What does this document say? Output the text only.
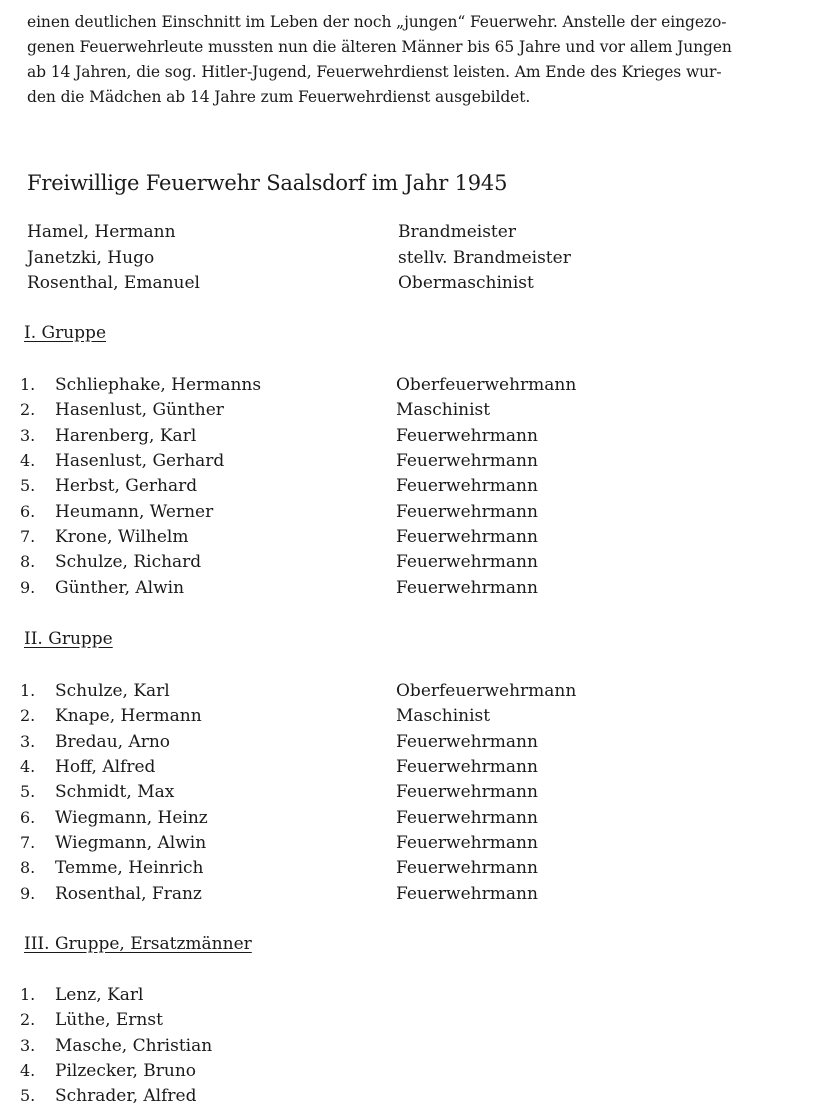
einen deutlichen Einschnitt im Leben der noch „jungen“ Feuerwehr. Anstelle der eingezo-
genen Feuerwehrleute mussten nun die älteren Männer bis 65 Jahre und vor allem Jungen
ab 14 Jahren, die sog. Hitler-Jugend, Feuerwehrdienst leisten. Am Ende des Krieges wur-
den die Mädchen ab 14 Jahre zum Feuerwehrdienst ausgebildet.
Freiwillige Feuerwehr Saalsdorf im Jahr 1945
Hamel, Hermann	Brandmeister
Janetzki, Hugo	stellv. Brandmeister
Rosenthal, Emanuel	Obermaschinist
I. Gruppe
1.	Schliephake, Hermanns	Oberfeuerwehrmann
2.	Hasenlust, Günther	Maschinist
3.	Harenberg, Karl	Feuerwehrmann
4.	Hasenlust, Gerhard	Feuerwehrmann
5.	Herbst, Gerhard	Feuerwehrmann
6.	Heumann, Werner	Feuerwehrmann
7.	Krone, Wilhelm	Feuerwehrmann
8.	Schulze, Richard	Feuerwehrmann
9.	Günther, Alwin	Feuerwehrmann
II. Gruppe
1.	Schulze, Karl	Oberfeuerwehrmann
2.	Knape, Hermann	Maschinist
3.	Bredau, Arno	Feuerwehrmann
4.	Hoff, Alfred	Feuerwehrmann
5.	Schmidt, Max	Feuerwehrmann
6.	Wiegmann, Heinz	Feuerwehrmann
7.	Wiegmann, Alwin	Feuerwehrmann
8.	Temme, Heinrich	Feuerwehrmann
9.	Rosenthal, Franz	Feuerwehrmann
III. Gruppe, Ersatzmänner
1.	Lenz, Karl
2.	Lüthe, Ernst
3.	Masche, Christian
4.	Pilzecker, Bruno
5.	Schrader, Alfred
